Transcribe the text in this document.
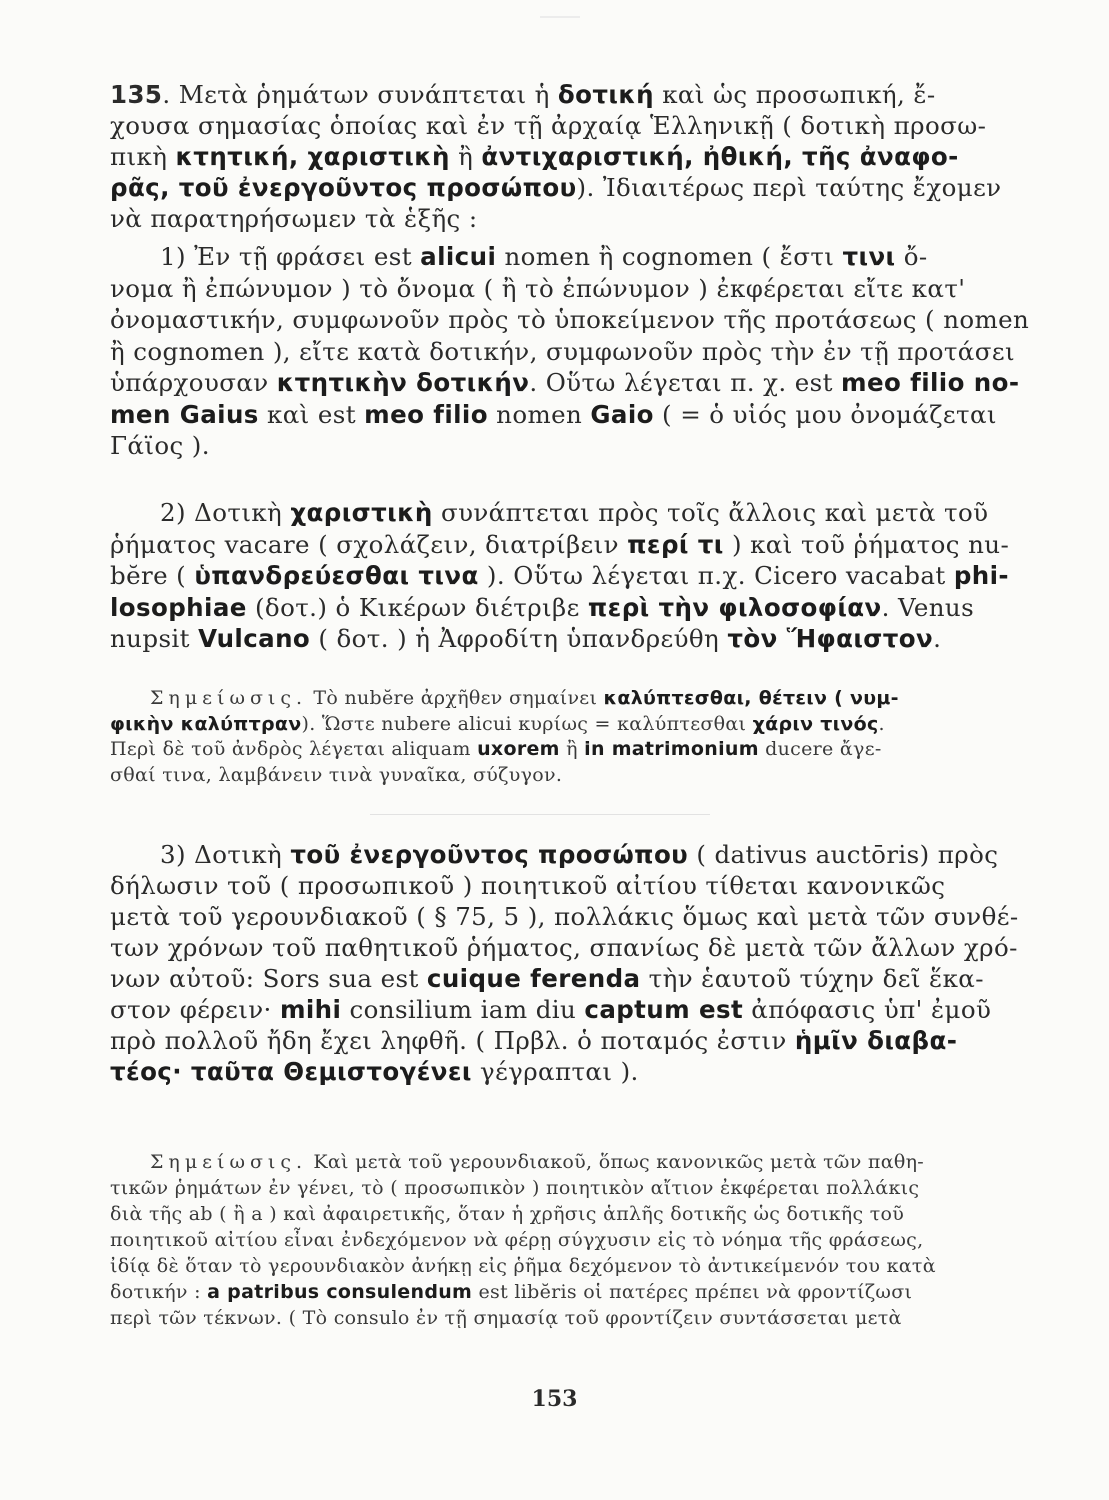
135. Μετὰ ῥημάτων συνάπτεται ἡ δοτική καὶ ὡς προσωπική, ἔ-
χουσα σημασίας ὁποίας καὶ ἐν τῇ ἀρχαίᾳ Ἑλληνικῇ ( δοτικὴ προσω-
πικὴ κτητική, χαριστικὴ ἢ ἀντιχαριστική, ἠθική, τῆς ἀναφο-
ρᾶς, τοῦ ἐνεργοῦντος προσώπου). Ἰδιαιτέρως περὶ ταύτης ἔχομεν
νὰ παρατηρήσωμεν τὰ ἑξῆς :
1) Ἐν τῇ φράσει est alicui nomen ἢ cognomen ( ἔστι τινι ὄ-
νομα ἢ ἐπώνυμον ) τὸ ὄνομα ( ἢ τὸ ἐπώνυμον ) ἐκφέρεται εἴτε κατ'
ὀνομαστικήν, συμφωνοῦν πρὸς τὸ ὑποκείμενον τῆς προτάσεως ( nomen
ἢ cognomen ), εἴτε κατὰ δοτικήν, συμφωνοῦν πρὸς τὴν ἐν τῇ προτάσει
ὑπάρχουσαν κτητικὴν δοτικήν. Οὕτω λέγεται π. χ. est meo filio no-
men Gaius καὶ est meo filio nomen Gaio ( = ὁ υἱός μου ὀνομάζεται
Γάϊος ).
2) Δοτικὴ χαριστικὴ συνάπτεται πρὸς τοῖς ἄλλοις καὶ μετὰ τοῦ
ῥήματος vacare ( σχολάζειν, διατρίβειν περί τι ) καὶ τοῦ ῥήματος nu-
bĕre ( ὑπανδρεύεσθαι τινα ). Οὕτω λέγεται π.χ. Cicero vacabat phi-
losophiae (δοτ.) ὁ Κικέρων διέτριβε περὶ τὴν φιλοσοφίαν. Venus
nupsit Vulcano ( δοτ. ) ἡ Ἀφροδίτη ὑπανδρεύθη τὸν Ἥφαιστον.
Σημείωσις. Τὸ nubĕre ἀρχῆθεν σημαίνει καλύπτεσθαι, θέτειν ( νυμ-
φικὴν καλύπτραν). Ὥστε nubere alicui κυρίως = καλύπτεσθαι χάριν τινός.
Περὶ δὲ τοῦ ἀνδρὸς λέγεται aliquam uxorem ἢ in matrimonium ducere ἄγε-
σθαί τινα, λαμβάνειν τινὰ γυναῖκα, σύζυγον.
3) Δοτικὴ τοῦ ἐνεργοῦντος προσώπου ( dativus auctōris) πρὸς
δήλωσιν τοῦ ( προσωπικοῦ ) ποιητικοῦ αἰτίου τίθεται κανονικῶς
μετὰ τοῦ γερουνδιακοῦ ( § 75, 5 ), πολλάκις ὅμως καὶ μετὰ τῶν συνθέ-
των χρόνων τοῦ παθητικοῦ ῥήματος, σπανίως δὲ μετὰ τῶν ἄλλων χρό-
νων αὐτοῦ: Sors sua est cuique ferenda τὴν ἑαυτοῦ τύχην δεῖ ἕκα-
στον φέρειν· mihi consilium iam diu captum est ἀπόφασις ὑπ' ἐμοῦ
πρὸ πολλοῦ ἤδη ἔχει ληφθῆ. ( Πρβλ. ὁ ποταμός ἐστιν ἡμῖν διαβα-
τέος· ταῦτα Θεμιστογένει γέγραπται ).
Σημείωσις. Καὶ μετὰ τοῦ γερουνδιακοῦ, ὅπως κανονικῶς μετὰ τῶν παθη-
τικῶν ῥημάτων ἐν γένει, τὸ ( προσωπικὸν ) ποιητικὸν αἴτιον ἐκφέρεται πολλάκις
διὰ τῆς ab ( ἢ a ) καὶ ἀφαιρετικῆς, ὅταν ἡ χρῆσις ἁπλῆς δοτικῆς ὡς δοτικῆς τοῦ
ποιητικοῦ αἰτίου εἶναι ἐνδεχόμενον νὰ φέρῃ σύγχυσιν εἰς τὸ νόημα τῆς φράσεως,
ἰδίᾳ δὲ ὅταν τὸ γερουνδιακὸν ἀνήκῃ εἰς ῥῆμα δεχόμενον τὸ ἀντικείμενόν του κατὰ
δοτικήν : a patribus consulendum est libĕris οἱ πατέρες πρέπει νὰ φροντίζωσι
περὶ τῶν τέκνων. ( Τὸ consulo ἐν τῇ σημασίᾳ τοῦ φροντίζειν συντάσσεται μετὰ
153
